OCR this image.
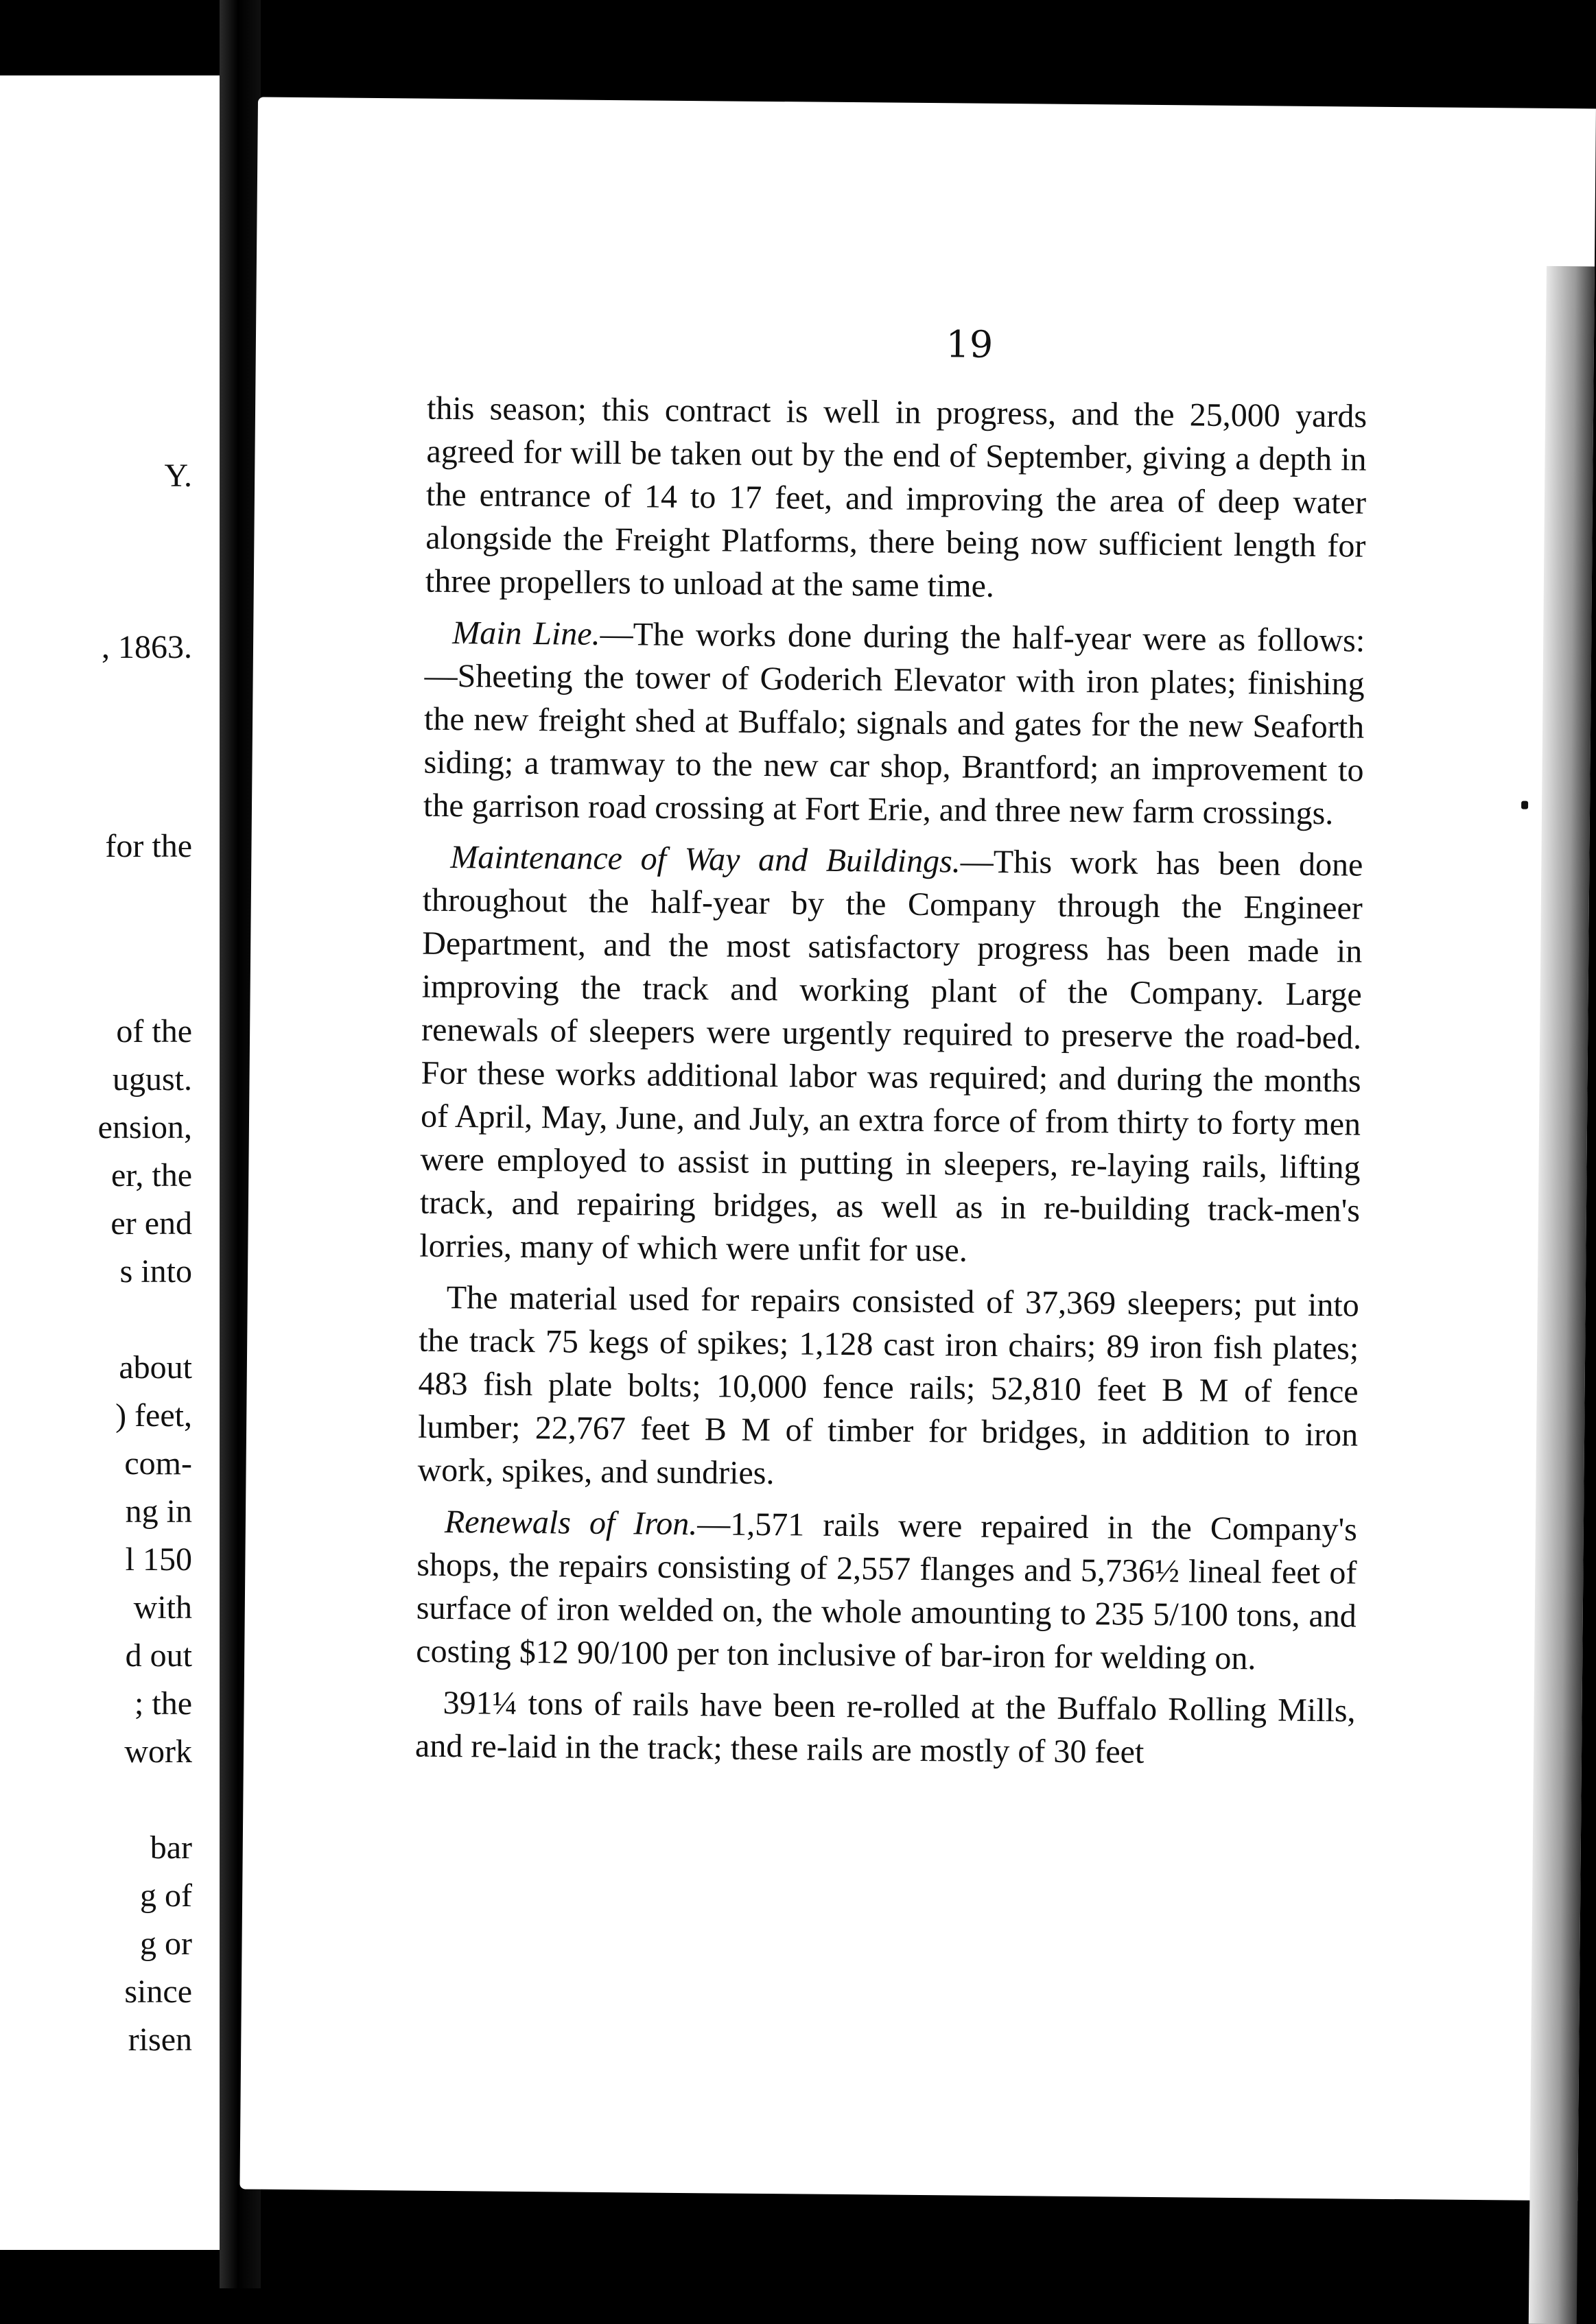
Y.
, 1863.
for the
of the
ugust.
ension,
er, the
er end
s into
about
) feet,
com-
ng in
l 150
with
d out
; the
work
bar
g of
g or
since
risen
19

this season; this contract is well in progress, and the 25,000 yards agreed for will be taken out by the end of September, giving a depth in the entrance of 14 to 17 feet, and improving the area of deep water alongside the Freight Platforms, there being now sufficient length for three propellers to unload at the same time.

Main Line.—The works done during the half-year were as follows:—Sheeting the tower of Goderich Elevator with iron plates; finishing the new freight shed at Buffalo; signals and gates for the new Seaforth siding; a tramway to the new car shop, Brantford; an improvement to the garrison road crossing at Fort Erie, and three new farm crossings.

Maintenance of Way and Buildings.—This work has been done throughout the half-year by the Company through the Engineer Department, and the most satisfactory progress has been made in improving the track and working plant of the Company. Large renewals of sleepers were urgently required to preserve the road-bed. For these works additional labor was required; and during the months of April, May, June, and July, an extra force of from thirty to forty men were employed to assist in putting in sleepers, re-laying rails, lifting track, and repairing bridges, as well as in re-building track-men's lorries, many of which were unfit for use.

The material used for repairs consisted of 37,369 sleepers; put into the track 75 kegs of spikes; 1,128 cast iron chairs; 89 iron fish plates; 483 fish plate bolts; 10,000 fence rails; 52,810 feet B M of fence lumber; 22,767 feet B M of timber for bridges, in addition to iron work, spikes, and sundries.

Renewals of Iron.—1,571 rails were repaired in the Company's shops, the repairs consisting of 2,557 flanges and 5,736½ lineal feet of surface of iron welded on, the whole amounting to 235 5/100 tons, and costing $12 90/100 per ton inclusive of bar-iron for welding on.

391¼ tons of rails have been re-rolled at the Buffalo Rolling Mills, and re-laid in the track; these rails are mostly of 30 feet
